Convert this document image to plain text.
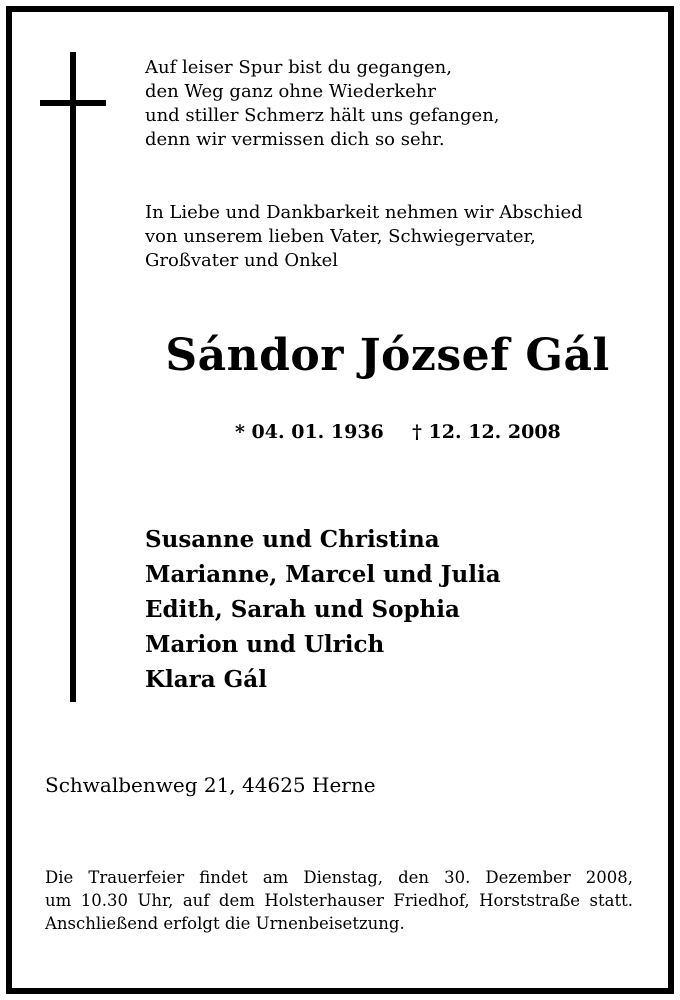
Auf leiser Spur bist du gegangen,
den Weg ganz ohne Wiederkehr
und stiller Schmerz hält uns gefangen,
denn wir vermissen dich so sehr.
In Liebe und Dankbarkeit nehmen wir Abschied
von unserem lieben Vater, Schwiegervater,
Großvater und Onkel
Sándor József Gál
* 04. 01. 1936 † 12. 12. 2008
Susanne und Christina
Marianne, Marcel und Julia
Edith, Sarah und Sophia
Marion und Ulrich
Klara Gál
Schwalbenweg 21, 44625 Herne
Die Trauerfeier findet am Dienstag, den 30. Dezember 2008,
um 10.30 Uhr, auf dem Holsterhauser Friedhof, Horststraße statt.
Anschließend erfolgt die Urnenbeisetzung.
